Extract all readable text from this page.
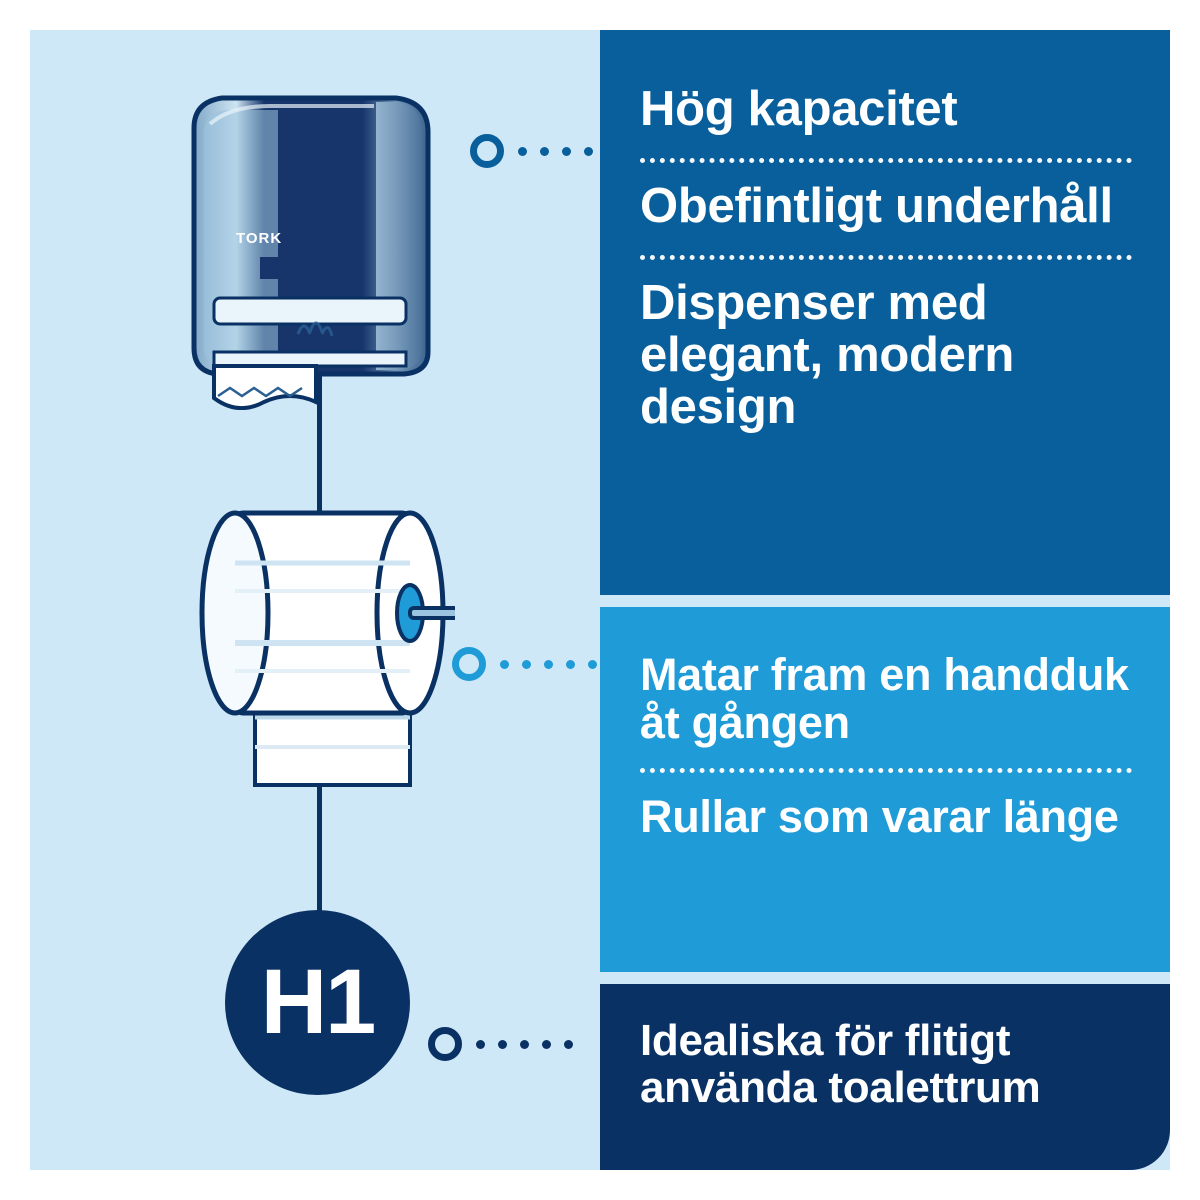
TORK
H1
Hög kapacitet
Obefintligt underhåll
Dispenser med elegant, modern design
Matar fram en handduk åt gången
Rullar som varar länge
Idealiska för flitigt använda toalettrum
